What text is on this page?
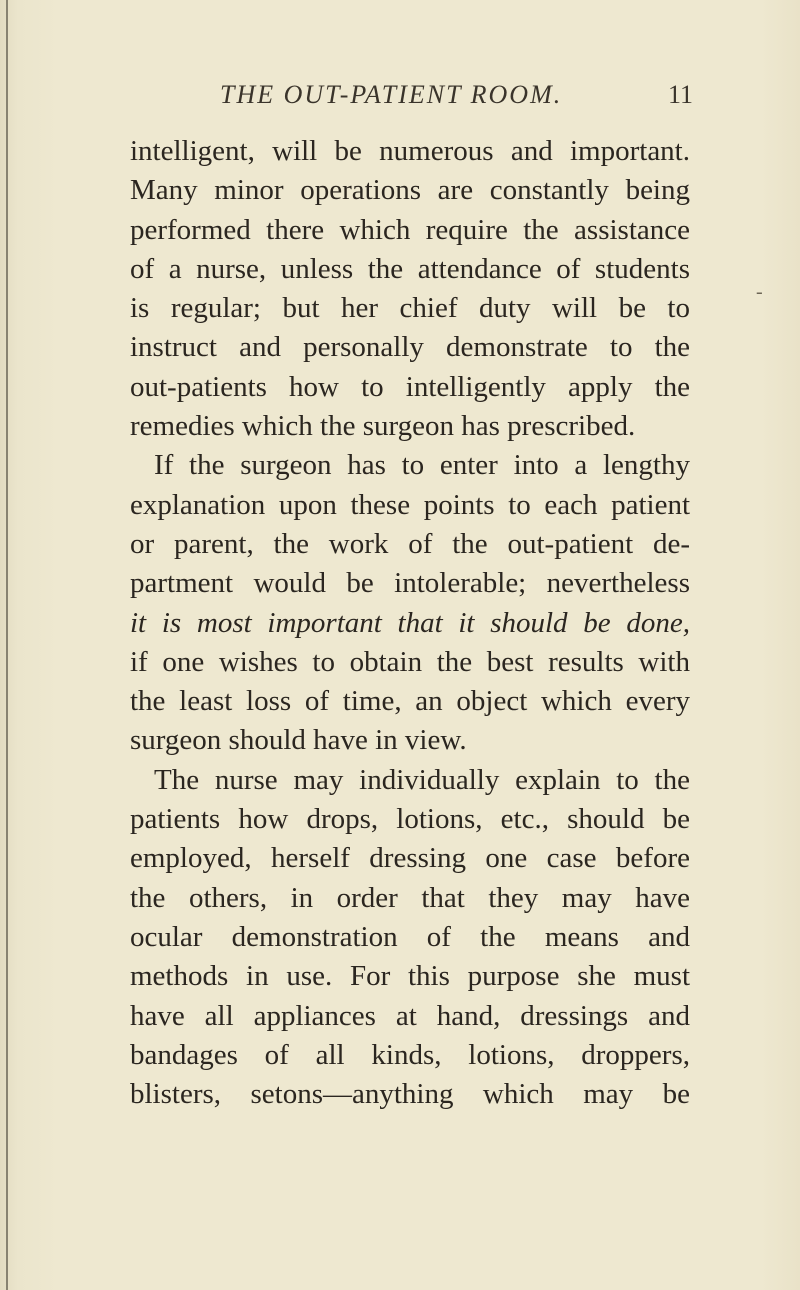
THE OUT-PATIENT ROOM.	11
-
intelligent, will be numerous and important.
Many minor operations are constantly being
performed there which require the assistance
of a nurse, unless the attendance of students
is regular; but her chief duty will be to
instruct and personally demonstrate to the
out-patients how to intelligently apply the
remedies which the surgeon has prescribed.
If the surgeon has to enter into a lengthy
explanation upon these points to each patient
or parent, the work of the out-patient de-
partment would be intolerable; nevertheless
it is most important that it should be done,
if one wishes to obtain the best results with
the least loss of time, an object which every
surgeon should have in view.
The nurse may individually explain to the
patients how drops, lotions, etc., should be
employed, herself dressing one case before
the others, in order that they may have
ocular demonstration of the means and
methods in use. For this purpose she must
have all appliances at hand, dressings and
bandages of all kinds, lotions, droppers,
blisters, setons—anything which may be
